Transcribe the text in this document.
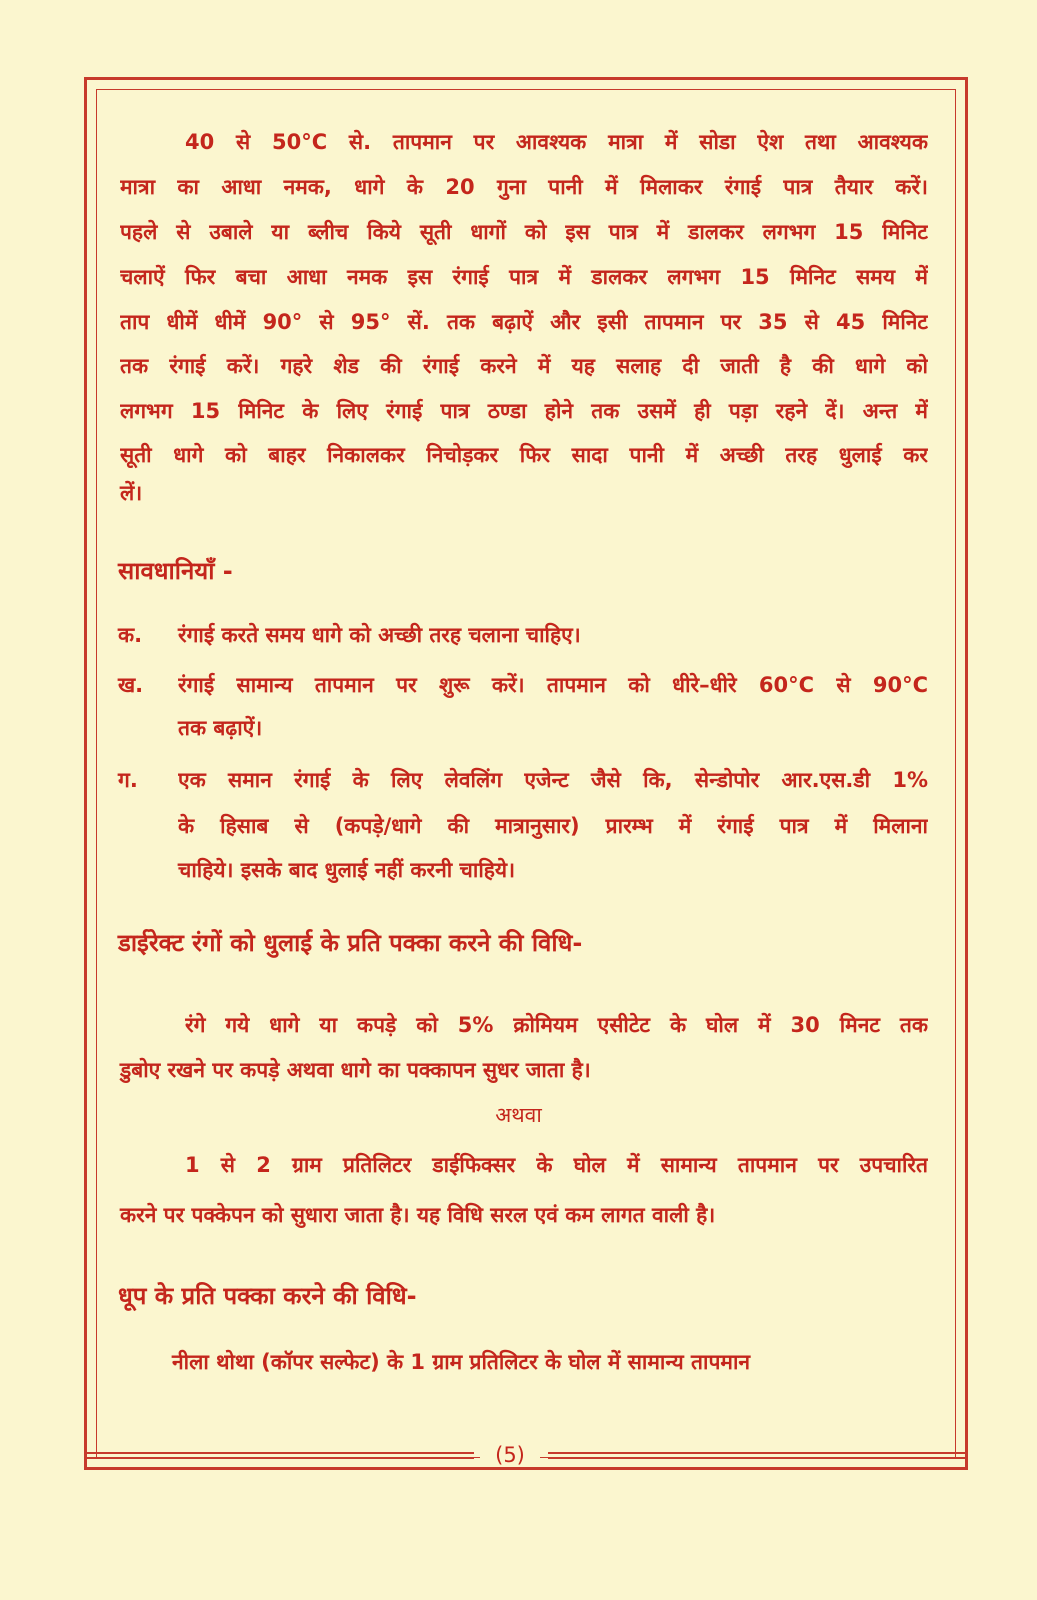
40 से 50°C से. तापमान पर आवश्यक मात्रा में सोडा ऐश तथा आवश्यक
मात्रा का आधा नमक, धागे के 20 गुना पानी में मिलाकर रंगाई पात्र तैयार करें।
पहले से उबाले या ब्लीच किये सूती धागों को इस पात्र में डालकर लगभग 15 मिनिट
चलाऐं फिर बचा आधा नमक इस रंगाई पात्र में डालकर लगभग 15 मिनिट समय में
ताप धीमें धीमें 90° से 95° सें. तक बढ़ाऐं और इसी तापमान पर 35 से 45 मिनिट
तक रंगाई करें। गहरे शेड की रंगाई करने में यह सलाह दी जाती है की धागे को
लगभग 15 मिनिट के लिए रंगाई पात्र ठण्डा होने तक उसमें ही पड़ा रहने दें। अन्त में
सूती धागे को बाहर निकालकर निचोड़कर फिर सादा पानी में अच्छी तरह धुलाई कर
लें।
सावधानियाँ -
क. रंगाई करते समय धागे को अच्छी तरह चलाना चाहिए।
ख. रंगाई सामान्य तापमान पर शुरू करें। तापमान को धीरे–धीरे 60°C से 90°C
तक बढ़ाऐं।
ग. एक समान रंगाई के लिए लेवलिंग एजेन्ट जैसे कि, सेन्डोपोर आर.एस.डी 1%
के हिसाब से (कपड़े/धागे की मात्रानुसार) प्रारम्भ में रंगाई पात्र में मिलाना
चाहिये। इसके बाद धुलाई नहीं करनी चाहिये।
डाईरेक्ट रंगों को धुलाई के प्रति पक्का करने की विधि-
रंगे गये धागे या कपड़े को 5% क्रोमियम एसीटेट के घोल में 30 मिनट तक
डुबोए रखने पर कपड़े अथवा धागे का पक्कापन सुधर जाता है।
अथवा
1 से 2 ग्राम प्रतिलिटर डाईफिक्सर के घोल में सामान्य तापमान पर उपचारित
करने पर पक्केपन को सुधारा जाता है। यह विधि सरल एवं कम लागत वाली है।
धूप के प्रति पक्का करने की विधि-
नीला थोथा (कॉपर सल्फेट) के 1 ग्राम प्रतिलिटर के घोल में सामान्य तापमान
(5)
